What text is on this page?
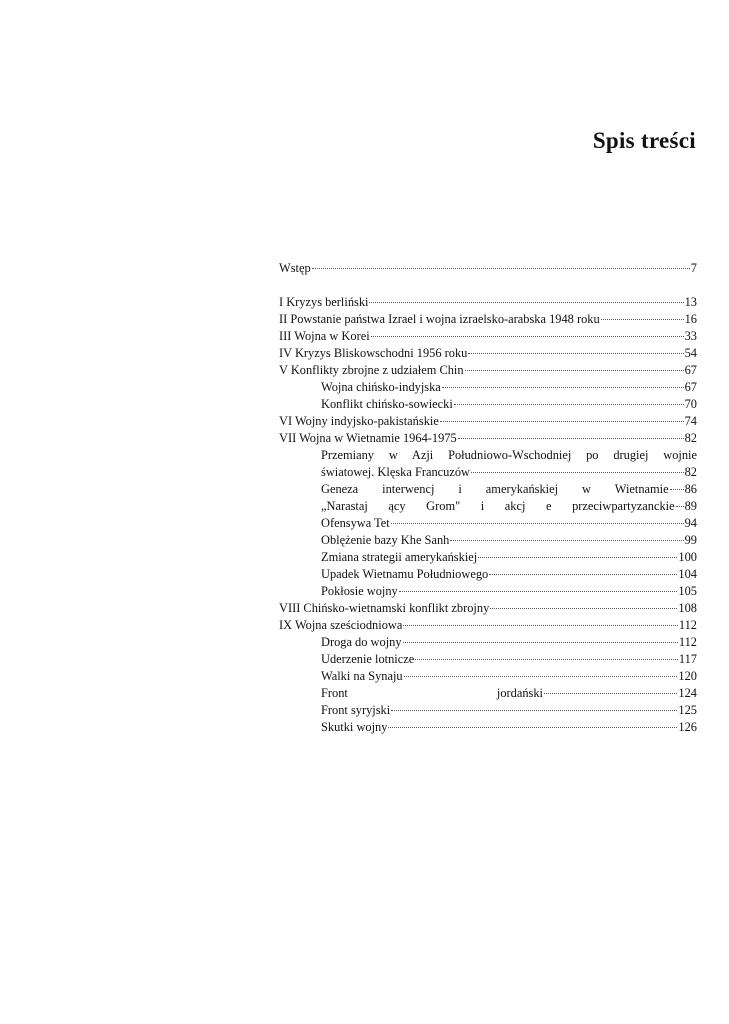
Spis treści
Wstęp	7
I Kryzys berliński	13
II Powstanie państwa Izrael i wojna izraelsko-arabska 1948 roku	16
III Wojna w Korei	33
IV Kryzys Bliskowschodni 1956 roku	54
V Konflikty zbrojne z udziałem Chin	67
Wojna chińsko-indyjska	67
Konflikt chińsko-sowiecki	70
VI Wojny indyjsko-pakistańskie	74
VII Wojna w Wietnamie 1964-1975	82
Przemiany w Azji Południowo-Wschodniej po drugiej wojnie
światowej. Klęska Francuzów	82
Geneza interwencj i amerykańskiej w Wietnamie 86
„Narastaj ący Grom" i akcj e przeciwpartyzanckie 89
Ofensywa Tet	94
Oblężenie bazy Khe Sanh	99
Zmiana strategii amerykańskiej	100
Upadek Wietnamu Południowego	104
Pokłosie wojny	105
VIII Chińsko-wietnamski konflikt zbrojny	108
IX Wojna sześciodniowa	112
Droga do wojny	112
Uderzenie lotnicze	117
Walki na Synaju	120
Front jordański	124
Front syryjski	125
Skutki wojny	126
